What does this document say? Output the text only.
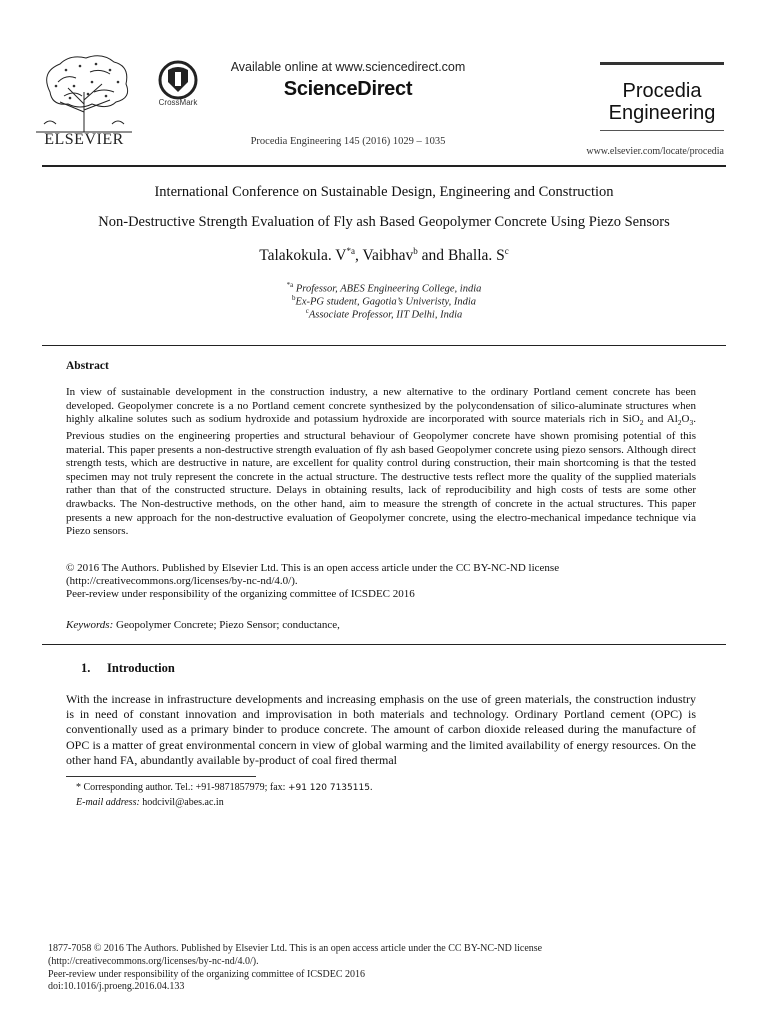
ELSEVIER
CrossMark
Available online at www.sciencedirect.com
ScienceDirect
Procedia Engineering 145 (2016) 1029 – 1035
Procedia
Engineering
www.elsevier.com/locate/procedia
International Conference on Sustainable Design, Engineering and Construction
Non-Destructive Strength Evaluation of Fly ash Based Geopolymer Concrete Using Piezo Sensors
Talakokula. $V^{*a}$, Vaibhav$^b$ and Bhalla. $S^c$
$^{*a}$ Professor, ABES Engineering College, india
$^b$Ex-PG student, Gagotia’s Univeristy, India
$^c$Associate Professor, IIT Delhi, India
Abstract
In view of sustainable development in the construction industry, a new alternative to the ordinary Portland cement concrete has been developed. Geopolymer concrete is a no Portland cement concrete synthesized by the polycondensation of silico-aluminate structures when highly alkaline solutes such as sodium hydroxide and potassium hydroxide are incorporated with source materials rich in SiO$_2$ and $Al_2O_3$. Previous studies on the engineering properties and structural behaviour of Geopolymer concrete have shown promising potential of this material. This paper presents a non-destructive strength evaluation of fly ash based Geopolymer concrete using piezo sensors. Although direct strength tests, which are destructive in nature, are excellent for quality control during construction, their main shortcoming is that the tested specimen may not truly represent the concrete in the actual structure. The destructive tests reflect more the quality of the supplied materials rather than that of the constructed structure. Delays in obtaining results, lack of reproducibility and high costs of tests are some other drawbacks. The Non-destructive methods, on the other hand, aim to measure the strength of concrete in the actual structures. This paper presents a new approach for the non-destructive evaluation of Geopolymer concrete, using the electro-mechanical impedance technique via Piezo sensors.
© 2016 The Authors. Published by Elsevier Ltd. This is an open access article under the CC BY-NC-ND license
(http://creativecommons.org/licenses/by-nc-nd/4.0/).
Peer-review under responsibility of the organizing committee of ICSDEC 2016
Keywords: Geopolymer Concrete; Piezo Sensor; conductance,
1. Introduction
With the increase in infrastructure developments and increasing emphasis on the use of green materials, the construction industry is in need of constant innovation and improvisation in both materials and technology. Ordinary Portland cement (OPC) is conventionally used as a primary binder to produce concrete. The amount of carbon dioxide released during the manufacture of OPC is a matter of great environmental concern in view of global warming and the limited availability of energy resources. On the other hand FA, abundantly available by-product of coal fired thermal
* Corresponding author. Tel.: +91-9871857979; fax: +91 120 7135115.
E-mail address: hodcivil@abes.ac.in
1877-7058 © 2016 The Authors. Published by Elsevier Ltd. This is an open access article under the CC BY-NC-ND license
(http://creativecommons.org/licenses/by-nc-nd/4.0/).
Peer-review under responsibility of the organizing committee of ICSDEC 2016
doi:10.1016/j.proeng.2016.04.133
